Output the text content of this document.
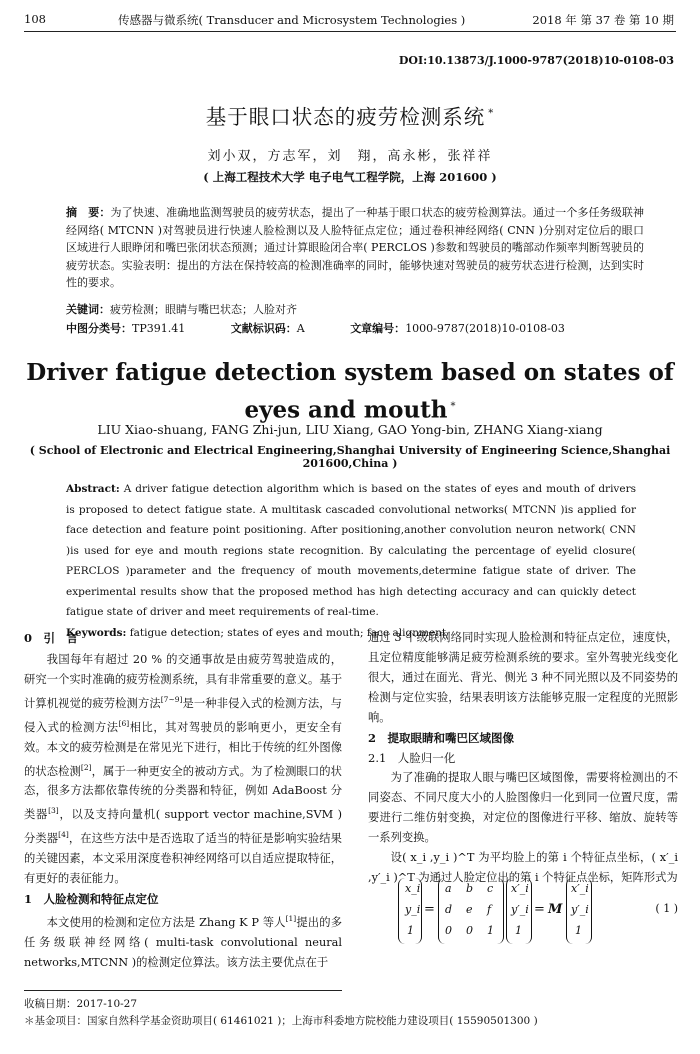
108	传感器与微系统( Transducer and Microsystem Technologies )	2018 年 第 37 卷 第 10 期
DOI:10.13873/J.1000-9787(2018)10-0108-03
基于眼口状态的疲劳检测系统 *
刘小双，方志军，刘　翔，高永彬，张祥祥
( 上海工程技术大学 电子电气工程学院，上海 201600 )
摘　要：为了快速、准确地监测驾驶员的疲劳状态，提出了一种基于眼口状态的疲劳检测算法。通过一个多任务级联神经网络( MTCNN )对驾驶员进行快速人脸检测以及人脸特征点定位；通过卷积神经网络( CNN )分别对定位后的眼口区域进行人眼睁闭和嘴巴张闭状态预测；通过计算眼睑闭合率( PERCLOS )参数和驾驶员的嘴部动作频率判断驾驶员的疲劳状态。实验表明：提出的方法在保持较高的检测准确率的同时，能够快速对驾驶员的疲劳状态进行检测，达到实时性的要求。
关键词：疲劳检测；眼睛与嘴巴状态；人脸对齐
中图分类号：TP391.41	文献标识码：A	文章编号：1000-9787(2018)10-0108-03
Driver fatigue detection system based on states of
eyes and mouth *
LIU Xiao-shuang, FANG Zhi-jun, LIU Xiang, GAO Yong-bin, ZHANG Xiang-xiang
( School of Electronic and Electrical Engineering,Shanghai University of Engineering Science,Shanghai 201600,China )
Abstract: A driver fatigue detection algorithm which is based on the states of eyes and mouth of drivers is proposed to detect fatigue state. A multitask cascaded convolutional networks( MTCNN )is applied for face detection and feature point positioning. After positioning,another convolution neuron network( CNN )is used for eye and mouth regions state recognition. By calculating the percentage of eyelid closure( PERCLOS )parameter and the frequency of mouth movements,determine fatigue state of driver. The experimental results show that the proposed method has high detecting accuracy and can quickly detect fatigue state of driver and meet requirements of real-time.
Keywords: fatigue detection; states of eyes and mouth; face alignment
0　引　言

我国每年有超过 20 % 的交通事故是由疲劳驾驶造成的，研究一个实时准确的疲劳检测系统，具有非常重要的意义。基于计算机视觉的疲劳检测方法[7~9]是一种非侵入式的检测方法，与侵入式的检测方法[6]相比，其对驾驶员的影响更小，更安全有效。本文的疲劳检测是在常见光下进行，相比于传统的红外图像的状态检测[2]，属于一种更安全的被动方式。为了检测眼口的状态，很多方法都依靠传统的分类器和特征，例如 AdaBoost 分类器[3]，以及支持向量机( support vector machine,SVM )分类器[4]，在这些方法中是否选取了适当的特征是影响实验结果的关键因素，本文采用深度卷积神经网络可以自适应提取特征，有更好的表征能力。

1　人脸检测和特征点定位

本文使用的检测和定位方法是 Zhang K P 等人[1]提出的多任务级联神经网络( multi-task convolutional neural networks,MTCNN )的检测定位算法。该方法主要优点在于

通过 3 个级联网络同时实现人脸检测和特征点定位，速度快，且定位精度能够满足疲劳检测系统的要求。室外驾驶光线变化很大，通过在面光、背光、侧光 3 种不同光照以及不同姿势的检测与定位实验，结果表明该方法能够克服一定程度的光照影响。

2　提取眼睛和嘴巴区域图像
2.1　人脸归一化

为了准确的提取人眼与嘴巴区域图像，需要将检测出的不同姿态、不同尺度大小的人脸图像归一化到同一位置尺度，需要进行二维仿射变换，对定位的图像进行平移、缩放、旋转等一系列变换。

设( x_i ,y_i )^T 为平均脸上的第 i 个特征点坐标，( x′_i ,y′_i )^T 为通过人脸定位出的第 i 个特征点坐标，矩阵形式为

x_i
y_i
1
=
a b c
d e f
0 0 1
x′_i
y′_i
1
= M
x′_i
y′_i
1
( 1 )
收稿日期：2017-10-27
＊基金项目：国家自然科学基金资助项目( 61461021 )；上海市科委地方院校能力建设项目( 15590501300 )
